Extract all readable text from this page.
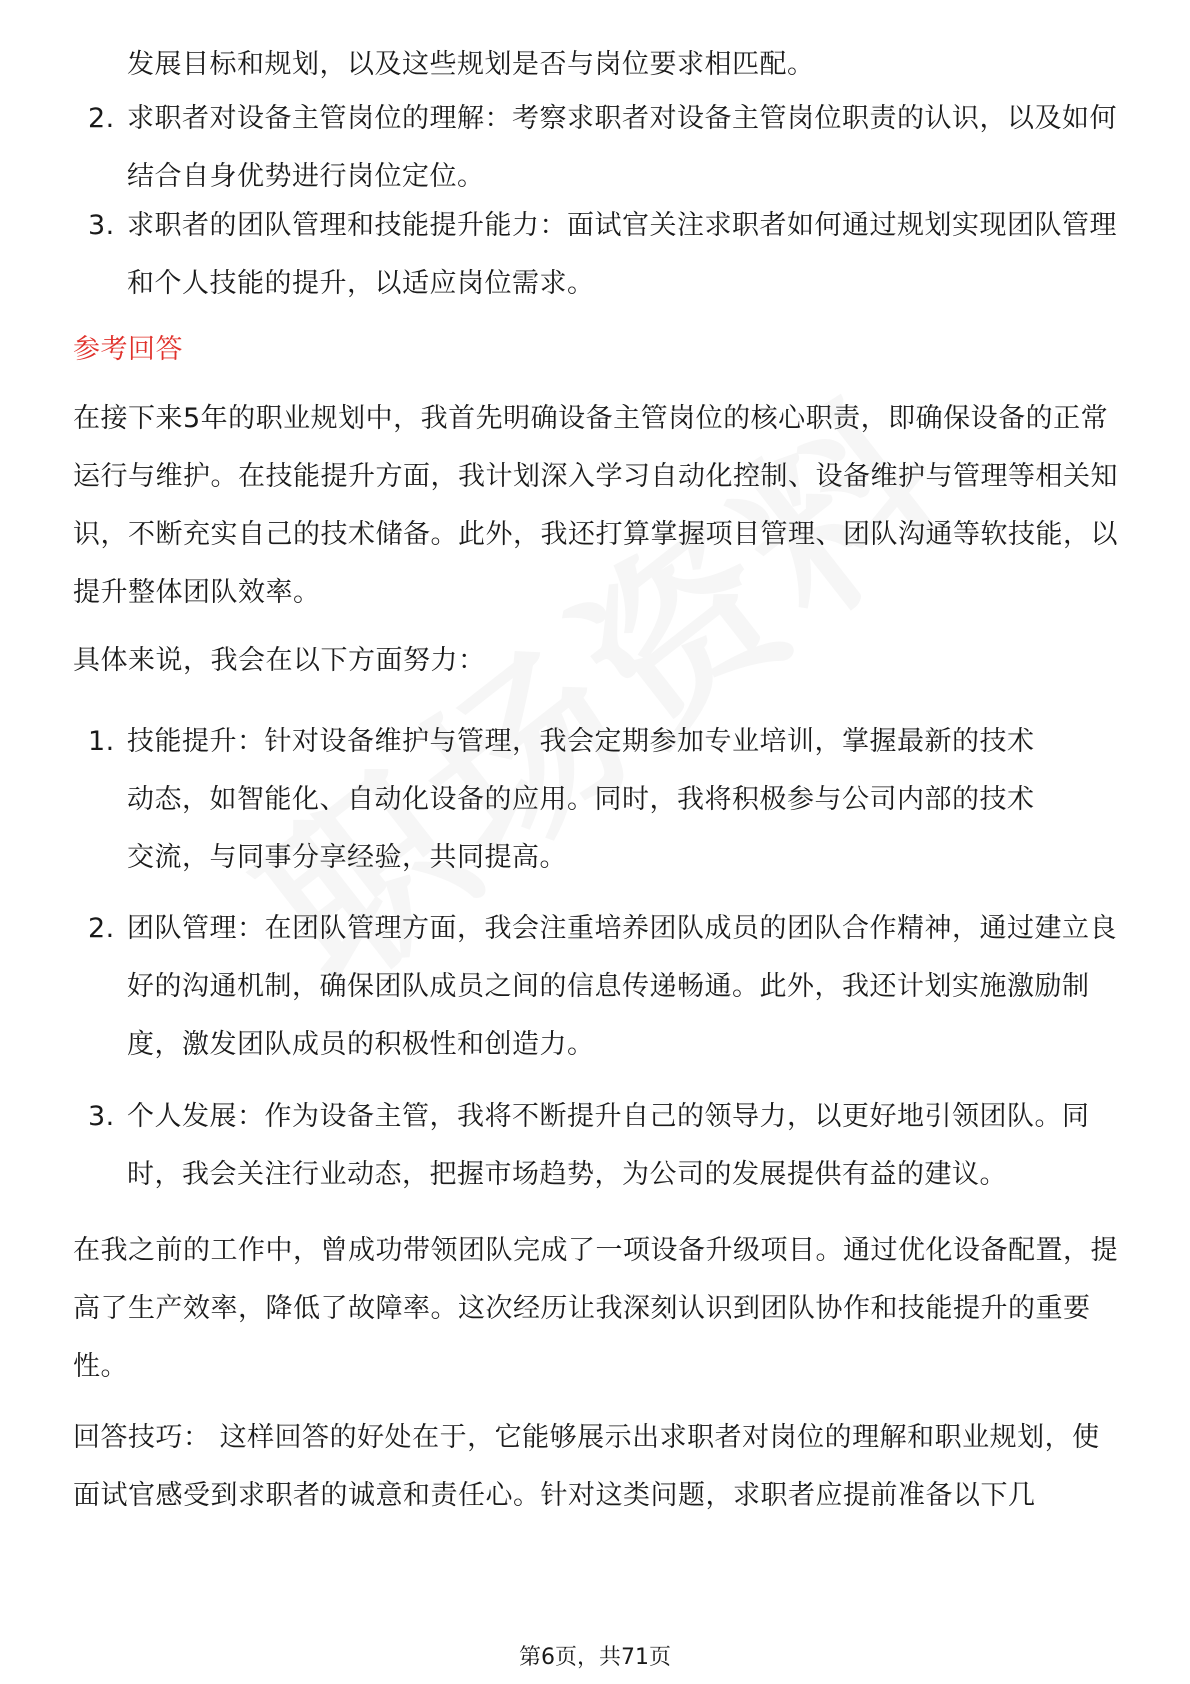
发展目标和规划，以及这些规划是否与岗位要求相匹配。

2. 求职者对设备主管岗位的理解：考察求职者对设备主管岗位职责的认识，以及如何结合自身优势进行岗位定位。

3. 求职者的团队管理和技能提升能力：面试官关注求职者如何通过规划实现团队管理和个人技能的提升，以适应岗位需求。

参考回答

在接下来5年的职业规划中，我首先明确设备主管岗位的核心职责，即确保设备的正常运行与维护。在技能提升方面，我计划深入学习自动化控制、设备维护与管理等相关知识，不断充实自己的技术储备。此外，我还打算掌握项目管理、团队沟通等软技能，以提升整体团队效率。

具体来说，我会在以下方面努力：

1. 技能提升：针对设备维护与管理，我会定期参加专业培训，掌握最新的技术动态，如智能化、自动化设备的应用。同时，我将积极参与公司内部的技术交流，与同事分享经验，共同提高。

2. 团队管理：在团队管理方面，我会注重培养团队成员的团队合作精神，通过建立良好的沟通机制，确保团队成员之间的信息传递畅通。此外，我还计划实施激励制度，激发团队成员的积极性和创造力。

3. 个人发展：作为设备主管，我将不断提升自己的领导力，以更好地引领团队。同时，我会关注行业动态，把握市场趋势，为公司的发展提供有益的建议。

在我之前的工作中，曾成功带领团队完成了一项设备升级项目。通过优化设备配置，提高了生产效率，降低了故障率。这次经历让我深刻认识到团队协作和技能提升的重要性。

回答技巧： 这样回答的好处在于，它能够展示出求职者对岗位的理解和职业规划，使面试官感受到求职者的诚意和责任心。针对这类问题，求职者应提前准备以下几

第6页，共71页
